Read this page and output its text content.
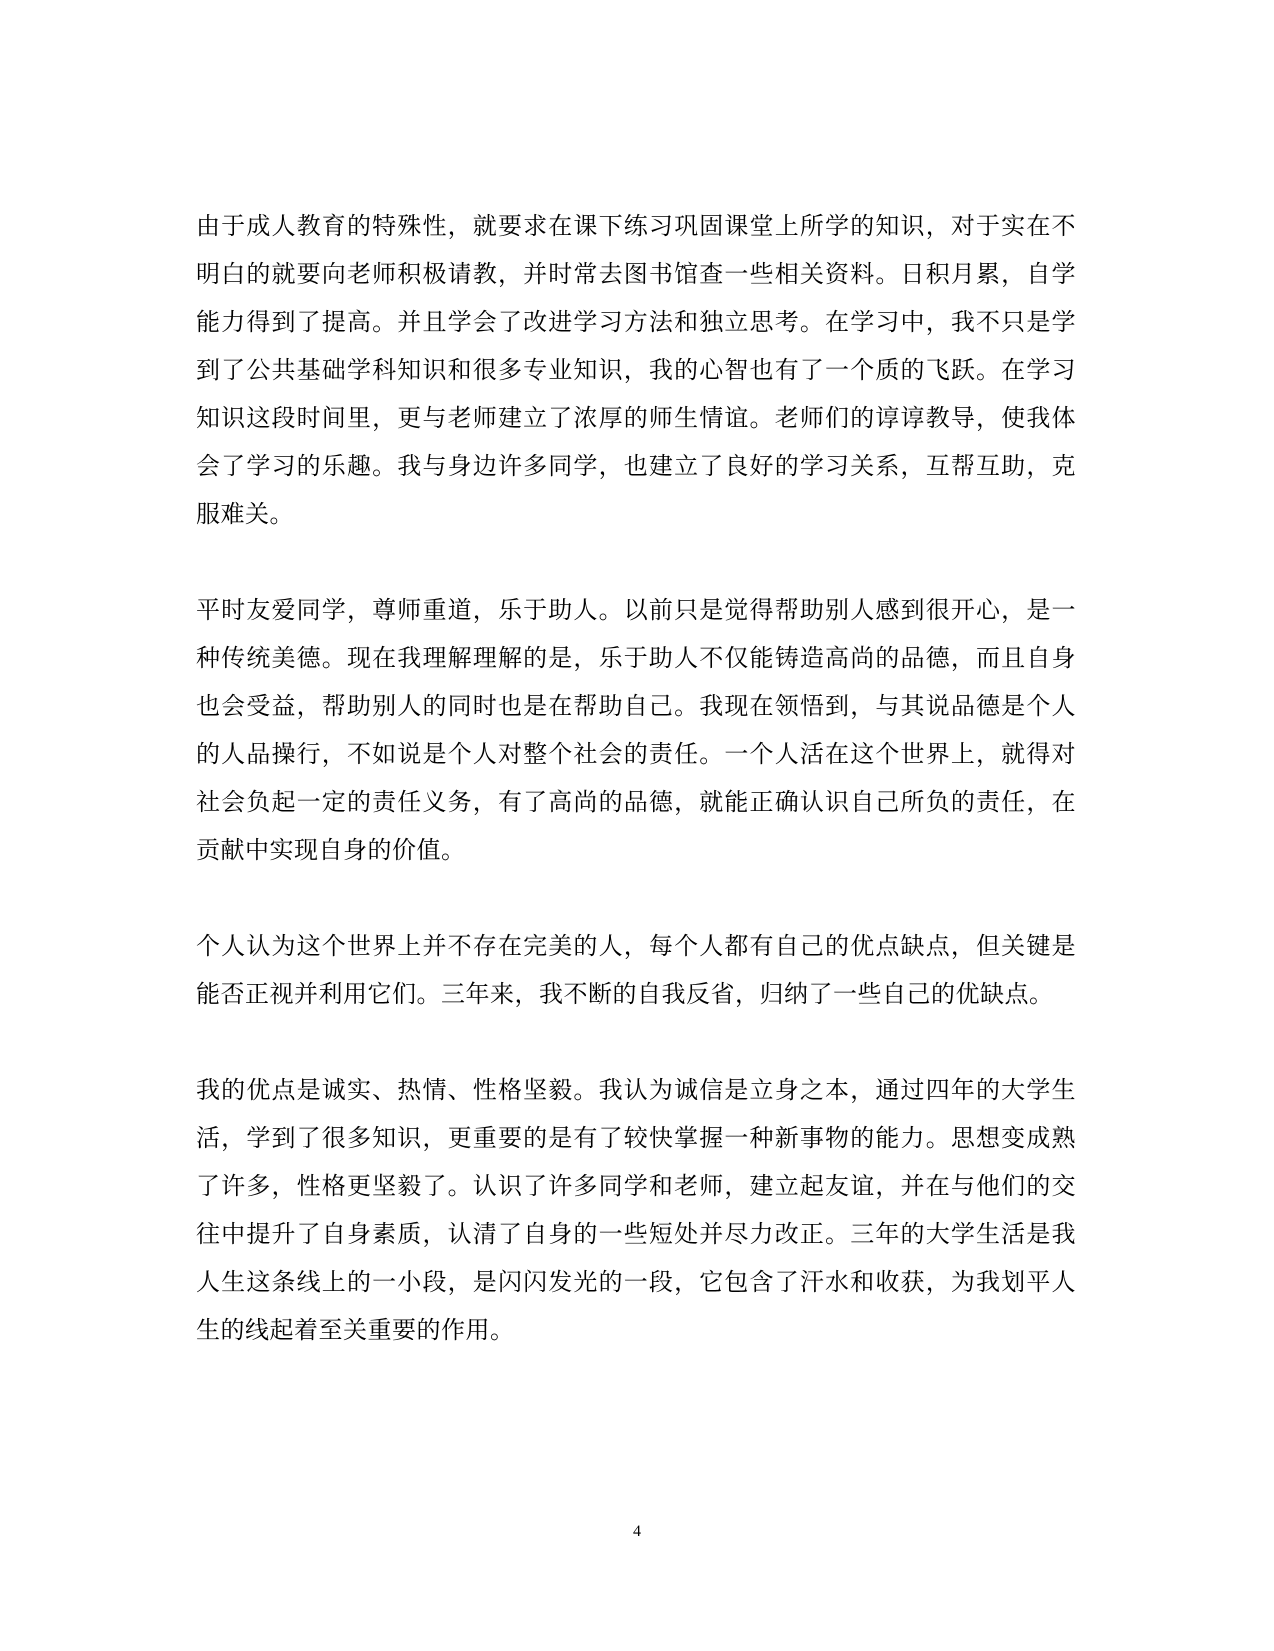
由于成人教育的特殊性，就要求在课下练习巩固课堂上所学的知识，对于实在不明白的就要向老师积极请教，并时常去图书馆查一些相关资料。日积月累，自学能力得到了提高。并且学会了改进学习方法和独立思考。在学习中，我不只是学到了公共基础学科知识和很多专业知识，我的心智也有了一个质的飞跃。在学习知识这段时间里，更与老师建立了浓厚的师生情谊。老师们的谆谆教导，使我体会了学习的乐趣。我与身边许多同学，也建立了良好的学习关系，互帮互助，克服难关。

平时友爱同学，尊师重道，乐于助人。以前只是觉得帮助别人感到很开心，是一种传统美德。现在我理解理解的是，乐于助人不仅能铸造高尚的品德，而且自身也会受益，帮助别人的同时也是在帮助自己。我现在领悟到，与其说品德是个人的人品操行，不如说是个人对整个社会的责任。一个人活在这个世界上，就得对社会负起一定的责任义务，有了高尚的品德，就能正确认识自己所负的责任，在贡献中实现自身的价值。

个人认为这个世界上并不存在完美的人，每个人都有自己的优点缺点，但关键是能否正视并利用它们。三年来，我不断的自我反省，归纳了一些自己的优缺点。

我的优点是诚实、热情、性格坚毅。我认为诚信是立身之本，通过四年的大学生活，学到了很多知识，更重要的是有了较快掌握一种新事物的能力。思想变成熟了许多，性格更坚毅了。认识了许多同学和老师，建立起友谊，并在与他们的交往中提升了自身素质，认清了自身的一些短处并尽力改正。三年的大学生活是我人生这条线上的一小段，是闪闪发光的一段，它包含了汗水和收获，为我划平人生的线起着至关重要的作用。

4
